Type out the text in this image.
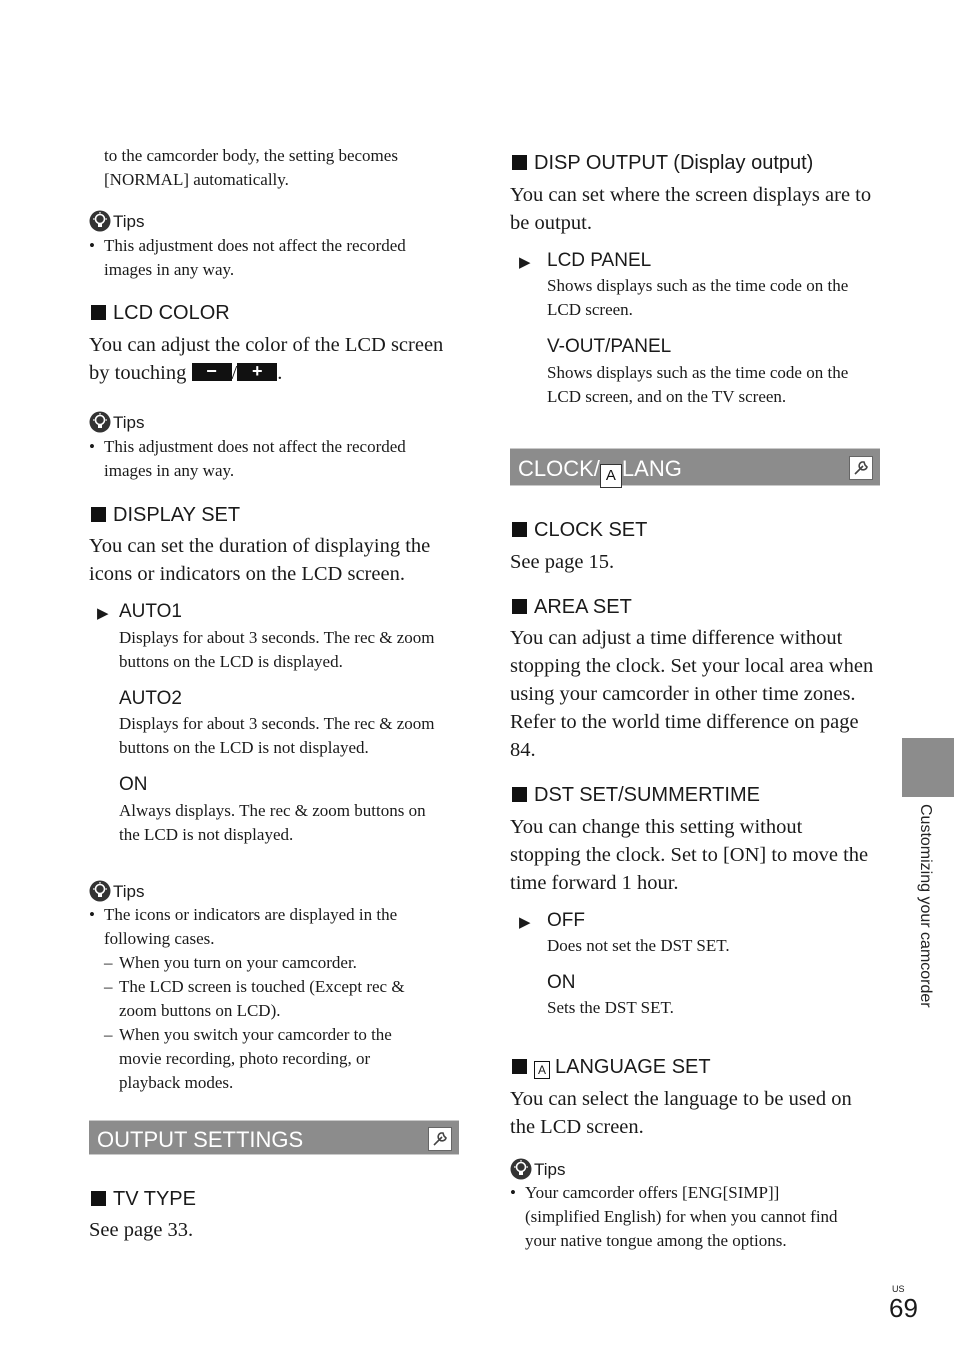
to the camcorder body, the setting becomes
[NORMAL] automatically.
Tips
• This adjustment does not affect the recorded
images in any way.
LCD COLOR
You can adjust the color of the LCD screen
by touching − / + .
Tips
• This adjustment does not affect the recorded
images in any way.
DISPLAY SET
You can set the duration of displaying the
icons or indicators on the LCD screen.
▶ AUTO1
Displays for about 3 seconds. The rec & zoom
buttons on the LCD is displayed.
AUTO2
Displays for about 3 seconds. The rec & zoom
buttons on the LCD is not displayed.
ON
Always displays. The rec & zoom buttons on
the LCD is not displayed.
Tips
• The icons or indicators are displayed in the
following cases.
– When you turn on your camcorder.
– The LCD screen is touched (Except rec &
zoom buttons on LCD).
– When you switch your camcorder to the
movie recording, photo recording, or
playback modes.
OUTPUT SETTINGS
TV TYPE
See page 33.
DISP OUTPUT (Display output)
You can set where the screen displays are to
be output.
▶ LCD PANEL
Shows displays such as the time code on the
LCD screen.
V-OUT/PANEL
Shows displays such as the time code on the
LCD screen, and on the TV screen.
CLOCK/ A LANG
CLOCK SET
See page 15.
AREA SET
You can adjust a time difference without
stopping the clock. Set your local area when
using your camcorder in other time zones.
Refer to the world time difference on page
84.
DST SET/SUMMERTIME
You can change this setting without
stopping the clock. Set to [ON] to move the
time forward 1 hour.
▶ OFF
Does not set the DST SET.
ON
Sets the DST SET.
A LANGUAGE SET
You can select the language to be used on
the LCD screen.
Tips
• Your camcorder offers [ENG[SIMP]]
(simplified English) for when you cannot find
your native tongue among the options.
Customizing your camcorder
US
69
